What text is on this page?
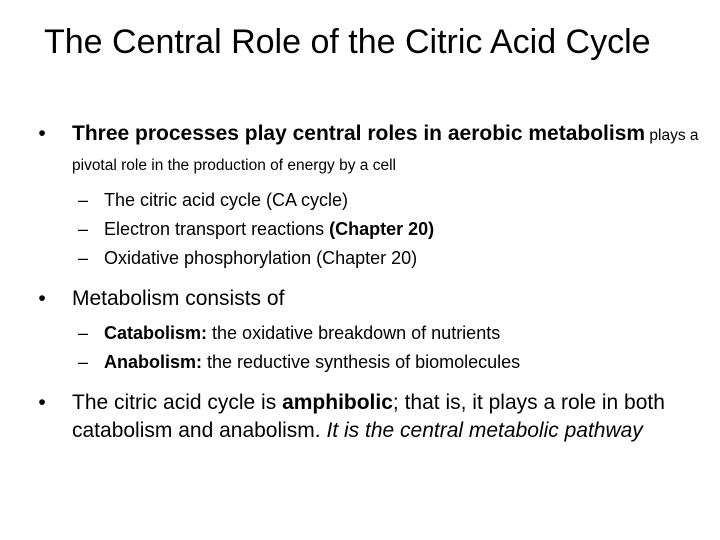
The Central Role of the Citric Acid Cycle
•	Three processes play central roles in aerobic metabolism plays a pivotal role in the production of energy by a cell
– The citric acid cycle (CA cycle)
– Electron transport reactions (Chapter 20)
– Oxidative phosphorylation (Chapter 20)
•	Metabolism consists of
– Catabolism: the oxidative breakdown of nutrients
– Anabolism: the reductive synthesis of biomolecules
•	The citric acid cycle is amphibolic; that is, it plays a role in both catabolism and anabolism. It is the central metabolic pathway
